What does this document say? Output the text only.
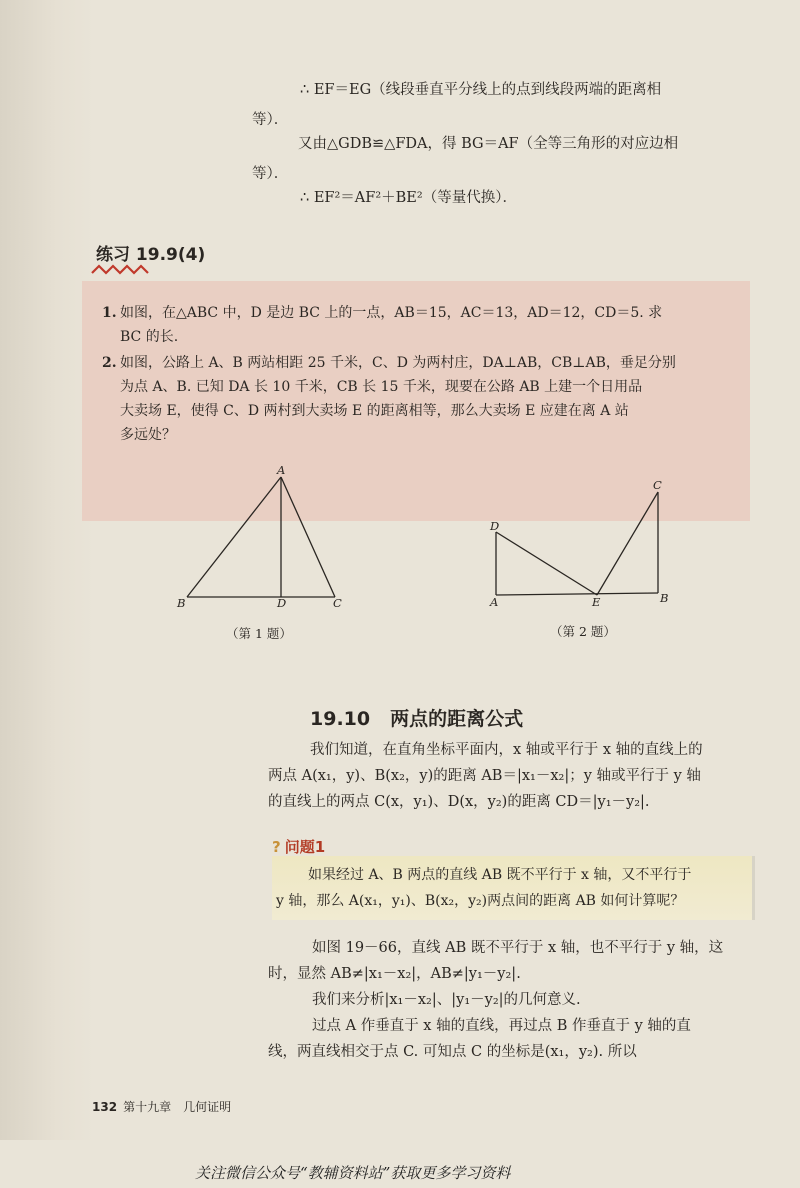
∴ EF＝EG（线段垂直平分线上的点到线段两端的距离相
等）．
又由△GDB≌△FDA，得 BG＝AF（全等三角形的对应边相
等）．
∴ EF²＝AF²＋BE²（等量代换）．
练习 19.9(4)
1. 如图，在△ABC 中，D 是边 BC 上的一点，AB＝15，AC＝13，AD＝12，CD＝5. 求
BC 的长.
2. 如图，公路上 A、B 两站相距 25 千米，C、D 为两村庄，DA⊥AB，CB⊥AB，垂足分别
为点 A、B. 已知 DA 长 10 千米，CB 长 15 千米，现要在公路 AB 上建一个日用品
大卖场 E，使得 C、D 两村到大卖场 E 的距离相等，那么大卖场 E 应建在离 A 站
多远处？
A
B	D	C
D
A	E	B
C
（第 1 题）	（第 2 题）
19.10 两点的距离公式
我们知道，在直角坐标平面内，x 轴或平行于 x 轴的直线上的
两点 A(x₁，y)、B(x₂，y)的距离 AB＝|x₁－x₂|；y 轴或平行于 y 轴
的直线上的两点 C(x，y₁)、D(x，y₂)的距离 CD＝|y₁－y₂|.
? 问题1
如果经过 A、B 两点的直线 AB 既不平行于 x 轴，又不平行于
y 轴，那么 A(x₁，y₁)、B(x₂，y₂)两点间的距离 AB 如何计算呢？
如图 19－66，直线 AB 既不平行于 x 轴，也不平行于 y 轴，这
时，显然 AB≠|x₁－x₂|，AB≠|y₁－y₂|.
我们来分析|x₁－x₂|、|y₁－y₂|的几何意义.
过点 A 作垂直于 x 轴的直线，再过点 B 作垂直于 y 轴的直
线，两直线相交于点 C. 可知点 C 的坐标是(x₁，y₂). 所以
132 第十九章 几何证明
关注微信公众号“教辅资料站”获取更多学习资料
